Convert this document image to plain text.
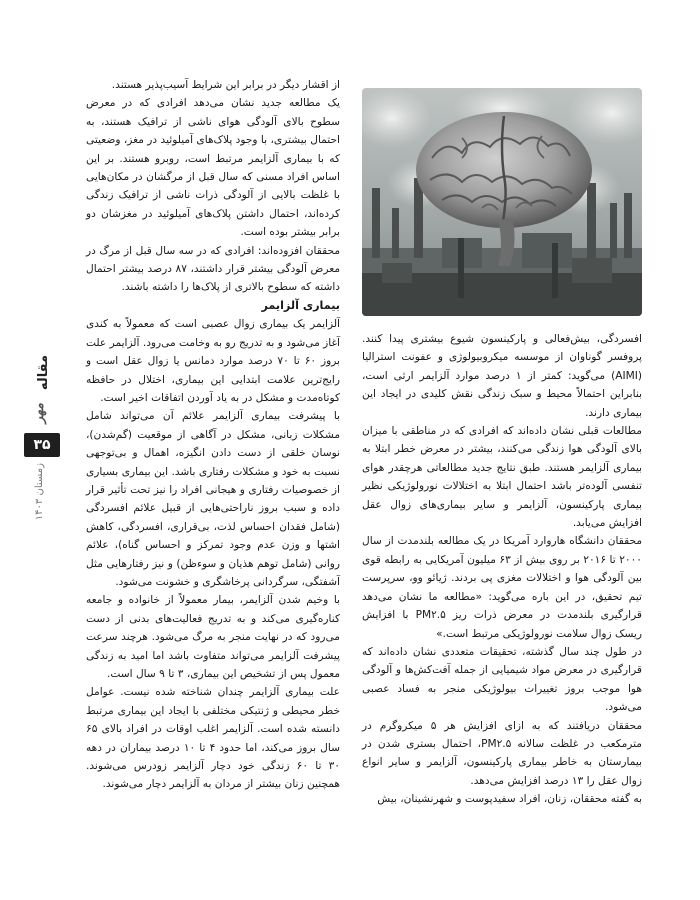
مقاله
مهر
۳۵
زمستان ۱۴۰۳

از اقشار دیگر در برابر این شرایط آسیب‌پذیر هستند.

یک مطالعه جدید نشان می‌دهد افرادی که در معرض سطوح بالای آلودگی هوای ناشی از ترافیک هستند، به احتمال بیشتری، با وجود پلاک‌های آمیلوئید در مغز، وضعیتی که با بیماری آلزایمر مرتبط است، روبرو هستند. بر این اساس افراد مسنی که سال قبل از مرگشان در مکان‌هایی با غلظت بالایی از آلودگی ذرات ناشی از ترافیک زندگی کرده‌اند، احتمال داشتن پلاک‌های آمیلوئید در مغزشان دو برابر بیشتر بوده است.

محققان افزوده‌اند: افرادی که در سه سال قبل از مرگ در معرض آلودگی بیشتر قرار داشتند، ۸۷ درصد بیشتر احتمال داشته که سطوح بالاتری از پلاک‌ها را داشته باشند.

بیماری آلزایمر

آلزایمر یک بیماری زوال عصبی است که معمولاً به کندی آغاز می‌شود و به تدریج رو به وخامت می‌رود. آلزایمر علت بروز ۶۰ تا ۷۰ درصد موارد دمانس یا زوال عقل است و رایج‌ترین علامت ابتدایی این بیماری، اختلال در حافظه کوتاه‌مدت و مشکل در به یاد آوردن اتفاقات اخیر است.

با پیشرفت بیماری آلزایمر علائم آن می‌تواند شامل مشکلات زبانی، مشکل در آگاهی از موقعیت (گم‌شدن)، نوسان خلقی از دست دادن انگیزه، اهمال و بی‌توجهی نسبت به خود و مشکلات رفتاری باشد. این بیماری بسیاری از خصوصیات رفتاری و هیجانی افراد را نیز تحت تأثیر قرار داده و سبب بروز ناراحتی‌هایی از قبیل علائم افسردگی (شامل فقدان احساس لذت، بی‌قراری، افسردگی، کاهش اشتها و وزن عدم وجود تمرکز و احساس گناه)، علائم روانی (شامل توهم هذیان و سوءظن) و نیز رفتارهایی مثل آشفتگی، سرگردانی پرخاشگری و خشونت می‌شود.

با وخیم شدن آلزایمر، بیمار معمولاً از خانواده و جامعه کناره‌گیری می‌کند و به تدریج فعالیت‌های بدنی از دست می‌رود که در نهایت منجر به مرگ می‌شود. هرچند سرعت پیشرفت آلزایمر می‌تواند متفاوت باشد اما امید به زندگی معمول پس از تشخیص این بیماری، ۳ تا ۹ سال است.

علت بیماری آلزایمر چندان شناخته شده نیست. عوامل خطر محیطی و ژنتیکی مختلفی با ایجاد این بیماری مرتبط دانسته شده است. آلزایمر اغلب اوقات در افراد بالای ۶۵ سال بروز می‌کند، اما حدود ۴ تا ۱۰ درصد بیماران در دهه ۳۰ تا ۶۰ زندگی خود دچار آلزایمر زودرس می‌شوند. همچنین زنان بیشتر از مردان به آلزایمر دچار می‌شوند.

افسردگی، بیش‌فعالی و پارکینسون شیوع بیشتری پیدا کنند. پروفسر گوناوان از موسسه میکروبیولوژی و عفونت استرالیا (AIMI) می‌گوید: کمتر از ۱ درصد موارد آلزایمر ارثی است، بنابراین احتمالاً محیط و سبک زندگی نقش کلیدی در ایجاد این بیماری دارند.

مطالعات قبلی نشان داده‌اند که افرادی که در مناطقی با میزان بالای آلودگی هوا زندگی می‌کنند، بیشتر در معرض خطر ابتلا به بیماری آلزایمر هستند. طبق نتایج جدید مطالعاتی هرچقدر هوای تنفسی آلوده‌تر باشد احتمال ابتلا به اختلالات نورولوژیکی نظیر بیماری پارکینسون، آلزایمر و سایر بیماری‌های زوال عقل افزایش می‌یابد.

محققان دانشگاه هاروارد آمریکا در یک مطالعه بلندمدت از سال ۲۰۰۰ تا ۲۰۱۶ بر روی بیش از ۶۳ میلیون آمریکایی به رابطه قوی بین آلودگی هوا و اختلالات مغزی پی بردند. ژیائو وو، سرپرست تیم تحقیق، در این باره می‌گوید: «مطالعه ما نشان می‌دهد قرارگیری بلندمدت در معرض ذرات ریز PM۲.۵ با افزایش ریسک زوال سلامت نورولوژیکی مرتبط است.»

در طول چند سال گذشته، تحقیقات متعددی نشان داده‌اند که قرارگیری در معرض مواد شیمیایی از جمله آفت‌کش‌ها و آلودگی هوا موجب بروز تغییرات بیولوژیکی منجر به فساد عصبی می‌شود.

محققان دریافتند که به ازای افزایش هر ۵ میکروگرم در مترمکعب در غلظت سالانه PM۲.۵، احتمال بستری شدن در بیمارستان به خاطر بیماری پارکینسون، آلزایمر و سایر انواع زوال عقل را ۱۳ درصد افزایش می‌دهد.

به گفته محققان، زنان، افراد سفیدپوست و شهرنشینان، بیش
